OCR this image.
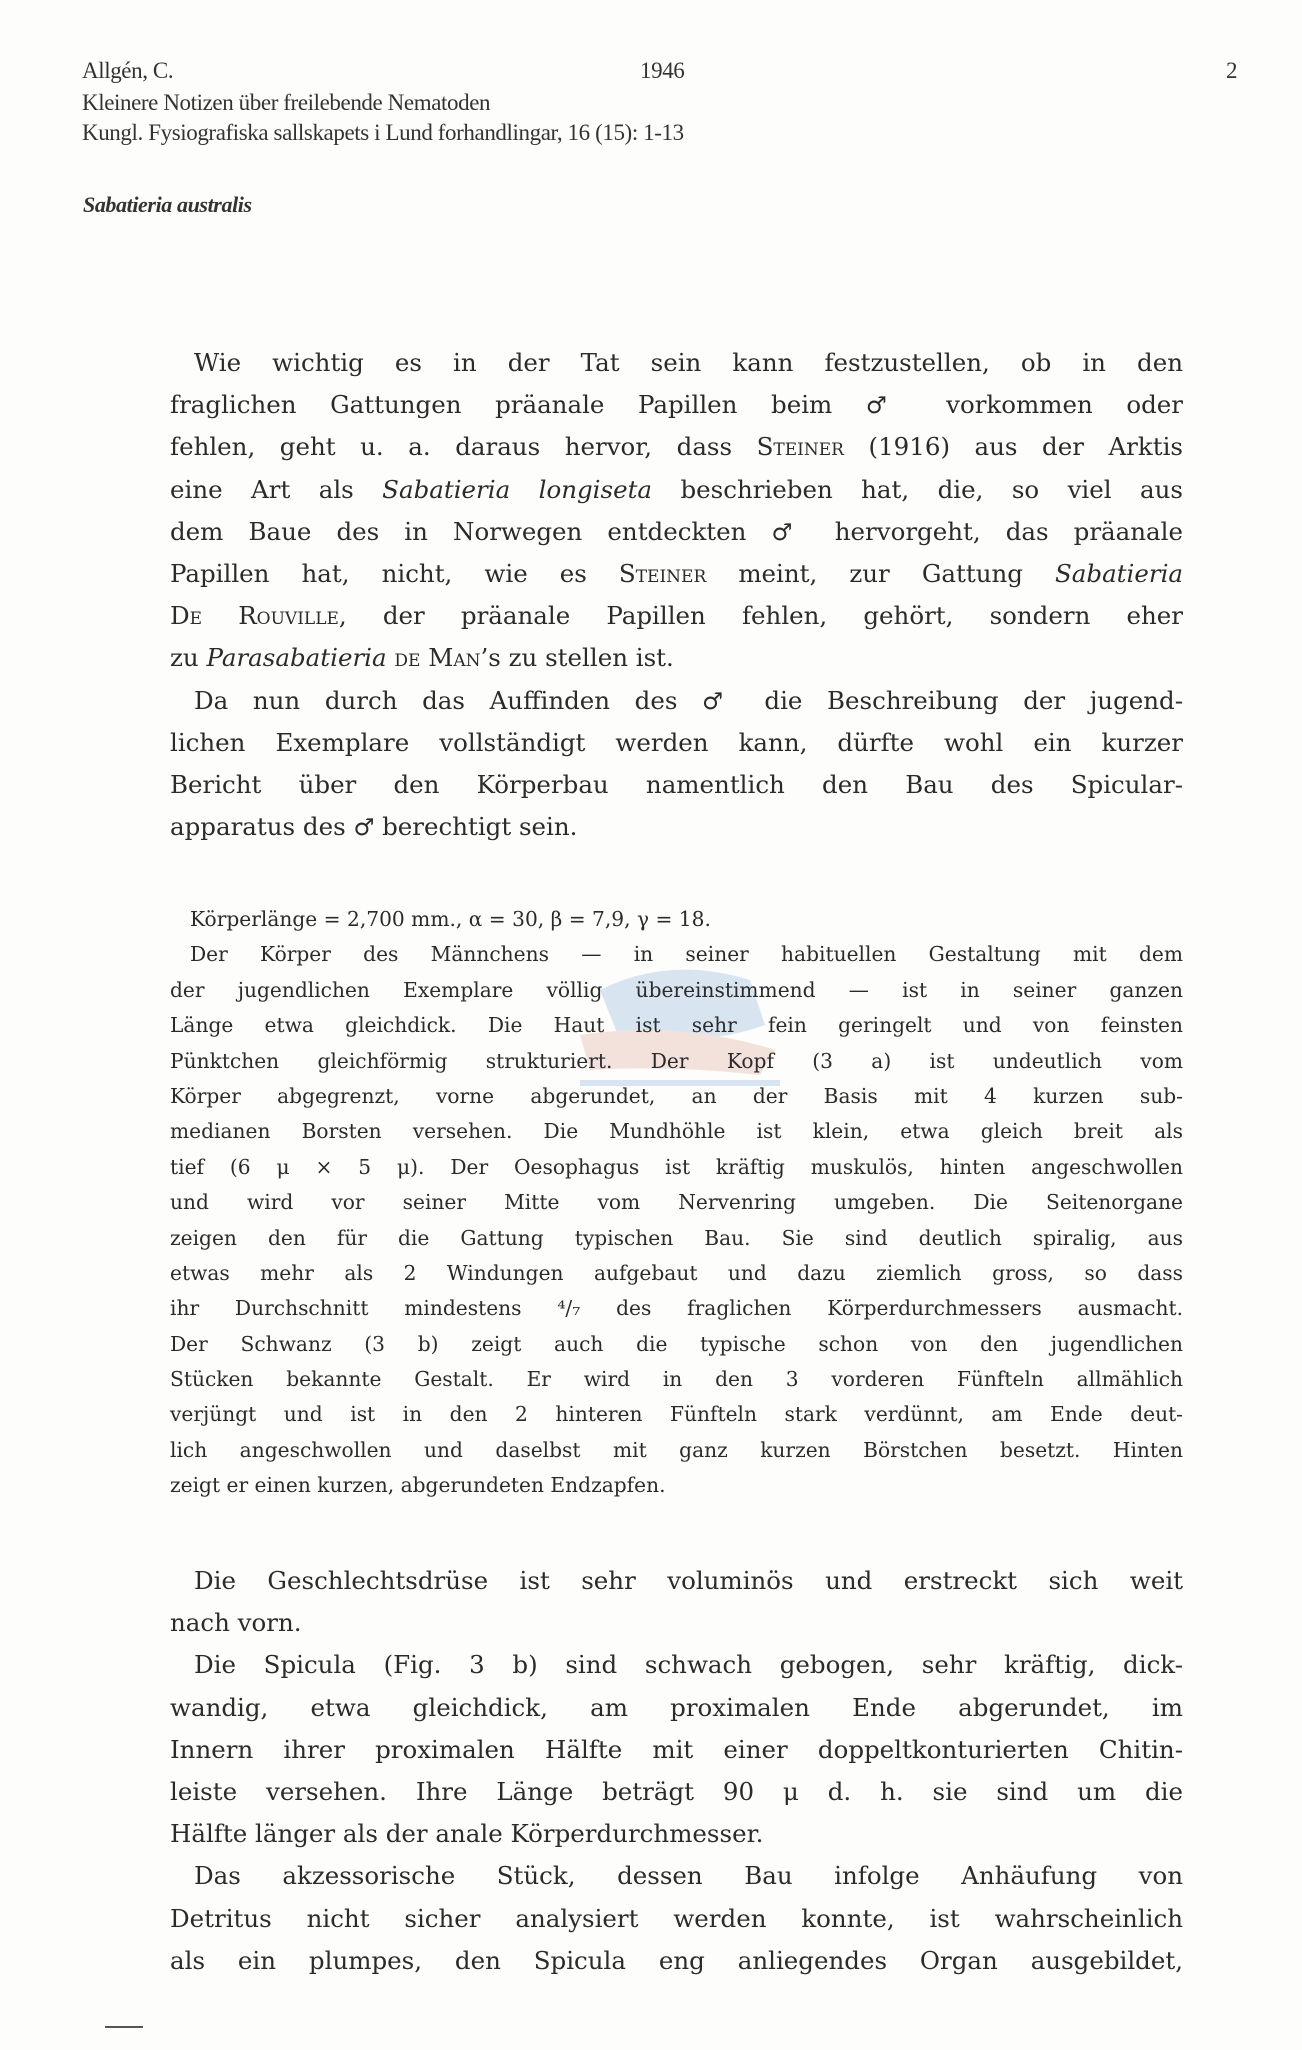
Allgén, C.	1946	2
Kleinere Notizen über freilebende Nematoden
Kungl. Fysiografiska sallskapets i Lund forhandlingar, 16 (15): 1-13
Sabatieria australis
Wie wichtig es in der Tat sein kann festzustellen, ob in den
fraglichen Gattungen präanale Papillen beim ♂ vorkommen oder
fehlen, geht u. a. daraus hervor, dass Steiner (1916) aus der Arktis
eine Art als Sabatieria longiseta beschrieben hat, die, so viel aus
dem Baue des in Norwegen entdeckten ♂ hervorgeht, das präanale
Papillen hat, nicht, wie es Steiner meint, zur Gattung Sabatieria
De Rouville, der präanale Papillen fehlen, gehört, sondern eher
zu Parasabatieria de Man’s zu stellen ist.
Da nun durch das Auffinden des ♂ die Beschreibung der jugend-
lichen Exemplare vollständigt werden kann, dürfte wohl ein kurzer
Bericht über den Körperbau namentlich den Bau des Spicular-
apparatus des ♂ berechtigt sein.
Körperlänge = 2,700 mm., α = 30, β = 7,9, γ = 18.
Der Körper des Männchens — in seiner habituellen Gestaltung mit dem
der jugendlichen Exemplare völlig übereinstimmend — ist in seiner ganzen
Länge etwa gleichdick. Die Haut ist sehr fein geringelt und von feinsten
Pünktchen gleichförmig strukturiert. Der Kopf (3 a) ist undeutlich vom
Körper abgegrenzt, vorne abgerundet, an der Basis mit 4 kurzen sub-
medianen Borsten versehen. Die Mundhöhle ist klein, etwa gleich breit als
tief (6 μ × 5 μ). Der Oesophagus ist kräftig muskulös, hinten angeschwollen
und wird vor seiner Mitte vom Nervenring umgeben. Die Seitenorgane
zeigen den für die Gattung typischen Bau. Sie sind deutlich spiralig, aus
etwas mehr als 2 Windungen aufgebaut und dazu ziemlich gross, so dass
ihr Durchschnitt mindestens ⁴/₇ des fraglichen Körperdurchmessers ausmacht.
Der Schwanz (3 b) zeigt auch die typische schon von den jugendlichen
Stücken bekannte Gestalt. Er wird in den 3 vorderen Fünfteln allmählich
verjüngt und ist in den 2 hinteren Fünfteln stark verdünnt, am Ende deut-
lich angeschwollen und daselbst mit ganz kurzen Börstchen besetzt. Hinten
zeigt er einen kurzen, abgerundeten Endzapfen.
Die Geschlechtsdrüse ist sehr voluminös und erstreckt sich weit
nach vorn.
Die Spicula (Fig. 3 b) sind schwach gebogen, sehr kräftig, dick-
wandig, etwa gleichdick, am proximalen Ende abgerundet, im
Innern ihrer proximalen Hälfte mit einer doppeltkonturierten Chitin-
leiste versehen. Ihre Länge beträgt 90 μ d. h. sie sind um die
Hälfte länger als der anale Körperdurchmesser.
Das akzessorische Stück, dessen Bau infolge Anhäufung von
Detritus nicht sicher analysiert werden konnte, ist wahrscheinlich
als ein plumpes, den Spicula eng anliegendes Organ ausgebildet,
